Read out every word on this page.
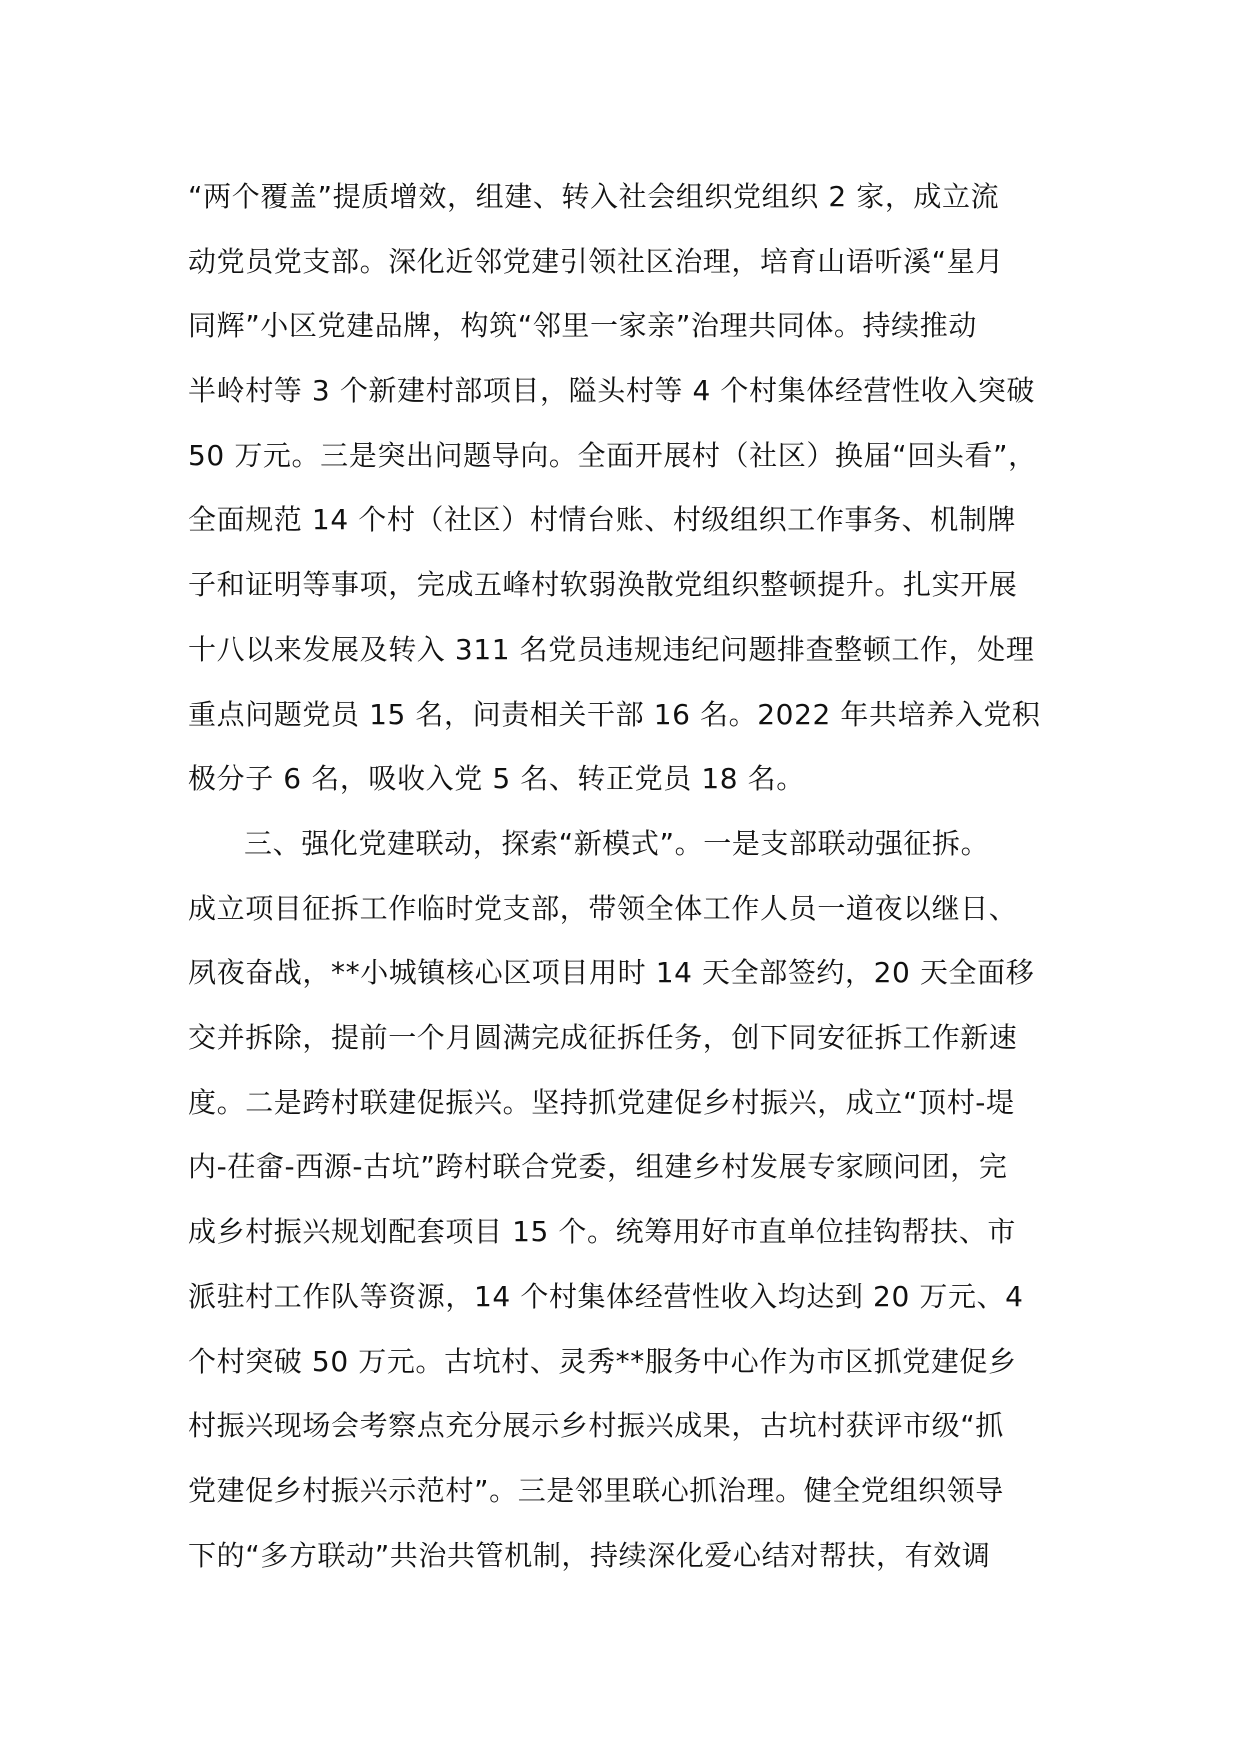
“两个覆盖”提质增效，组建、转入社会组织党组织 2 家，成立流
动党员党支部。深化近邻党建引领社区治理，培育山语听溪“星月
同辉”小区党建品牌，构筑“邻里一家亲”治理共同体。持续推动
半岭村等 3 个新建村部项目，隘头村等 4 个村集体经营性收入突破
50 万元。三是突出问题导向。全面开展村（社区）换届“回头看”，
全面规范 14 个村（社区）村情台账、村级组织工作事务、机制牌
子和证明等事项，完成五峰村软弱涣散党组织整顿提升。扎实开展
十八以来发展及转入 311 名党员违规违纪问题排查整顿工作，处理
重点问题党员 15 名，问责相关干部 16 名。2022 年共培养入党积
极分子 6 名，吸收入党 5 名、转正党员 18 名。
三、强化党建联动，探索“新模式”。一是支部联动强征拆。
成立项目征拆工作临时党支部，带领全体工作人员一道夜以继日、
夙夜奋战，**小城镇核心区项目用时 14 天全部签约，20 天全面移
交并拆除，提前一个月圆满完成征拆任务，创下同安征拆工作新速
度。二是跨村联建促振兴。坚持抓党建促乡村振兴，成立“顶村-堤
内-茌畲-西源-古坑”跨村联合党委，组建乡村发展专家顾问团，完
成乡村振兴规划配套项目 15 个。统筹用好市直单位挂钩帮扶、市
派驻村工作队等资源，14 个村集体经营性收入均达到 20 万元、4
个村突破 50 万元。古坑村、灵秀**服务中心作为市区抓党建促乡
村振兴现场会考察点充分展示乡村振兴成果，古坑村获评市级“抓
党建促乡村振兴示范村”。三是邻里联心抓治理。健全党组织领导
下的“多方联动”共治共管机制，持续深化爱心结对帮扶，有效调
